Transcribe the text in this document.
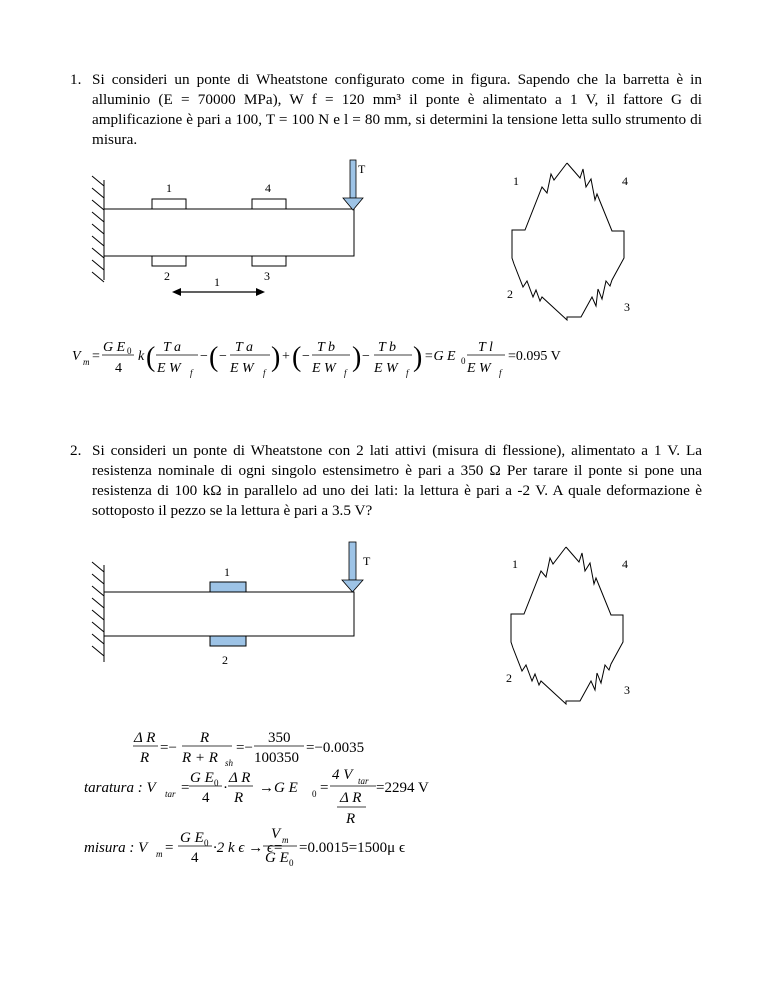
1. Si consideri un ponte di Wheatstone configurato come in figura. Sapendo che la barretta è in alluminio (E = 70000 MPa), W f = 120 mm³ il ponte è alimentato a 1 V, il fattore G di amplificazione è pari a 100, T = 100 N e l = 80 mm, si determini la tensione letta sullo strumento di misura.
1	4
2	3
T
1
1	4
2
3
V m =
G E 0
4
k ( T a
E W f
− ( −
T a
E W f ) + ( −
T b
E W f ) −
T b
E W f ) =G E 0
T l
E W f
=0.095 V
2. Si consideri un ponte di Wheatstone con 2 lati attivi (misura di flessione), alimentato a 1 V. La resistenza nominale di ogni singolo estensimetro è pari a 350 Ω Per tarare il ponte si pone una resistenza di 100 kΩ in parallelo ad uno dei lati: la lettura è pari a -2 V. A quale deformazione è sottoposto il pezzo se la lettura è pari a 3.5 V?
1
2
T	1	4
2
3
Δ R
R
=−
R
R + R sh
=−
350
100350
=−0.0035
taratura : V tar =
G E 0
4
·
Δ R
R
→G E 0 =
4 V tar
Δ R
R
=2294 V
misura : V m =
G E 0
4
·2 k ϵ → ϵ=
V m
G E 0
=0.0015=1500μ ϵ
